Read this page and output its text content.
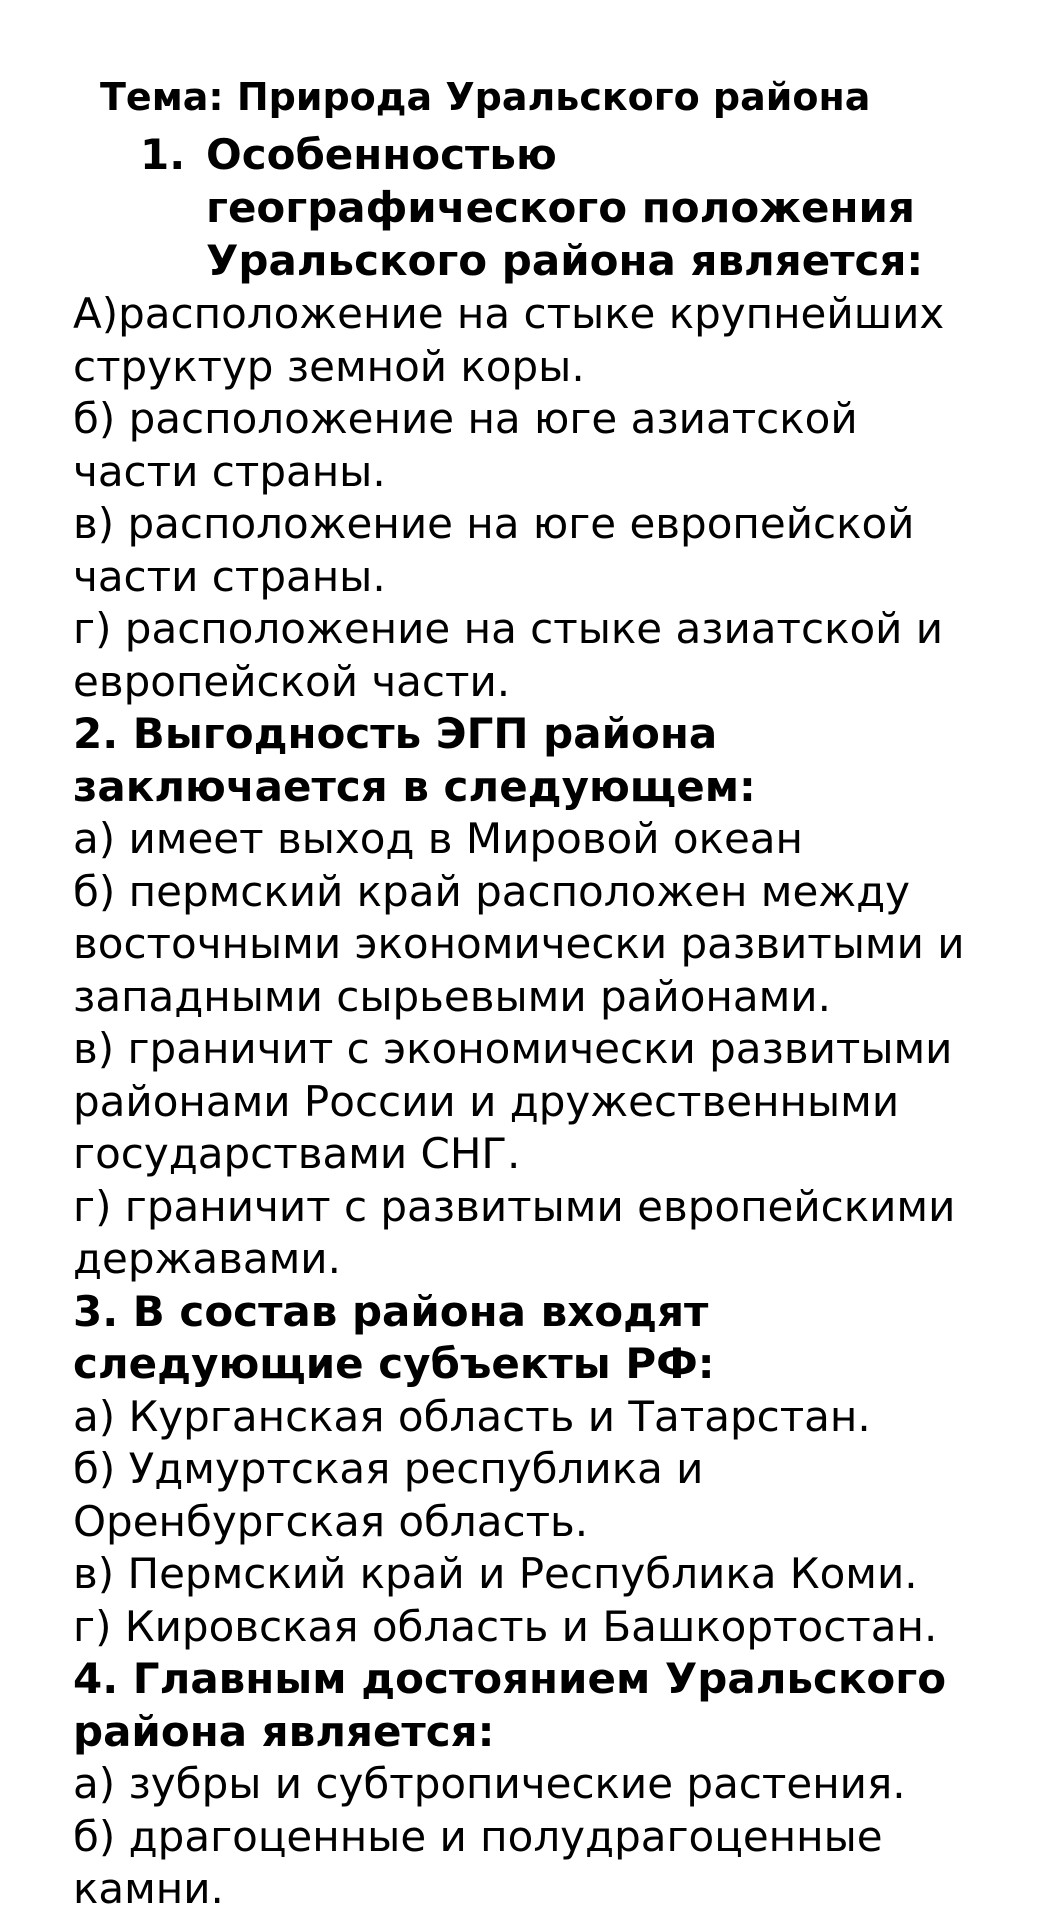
Тема: Природа Уральского района
1. Особенностью
географического положения
Уральского района является:
А)расположение на стыке крупнейших
структур земной коры.
б) расположение на юге азиатской
части страны.
в) расположение на юге европейской
части страны.
г) расположение на стыке азиатской и
европейской части.
2. Выгодность ЭГП района
заключается в следующем:
а) имеет выход в Мировой океан
б) пермский край расположен между
восточными экономически развитыми и
западными сырьевыми районами.
в) граничит с экономически развитыми
районами России и дружественными
государствами СНГ.
г) граничит с развитыми европейскими
державами.
3. В состав района входят
следующие субъекты РФ:
а) Курганская область и Татарстан.
б) Удмуртская республика и
Оренбургская область.
в) Пермский край и Республика Коми.
г) Кировская область и Башкортостан.
4. Главным достоянием Уральского
района является:
а) зубры и субтропические растения.
б) драгоценные и полудрагоценные
камни.
